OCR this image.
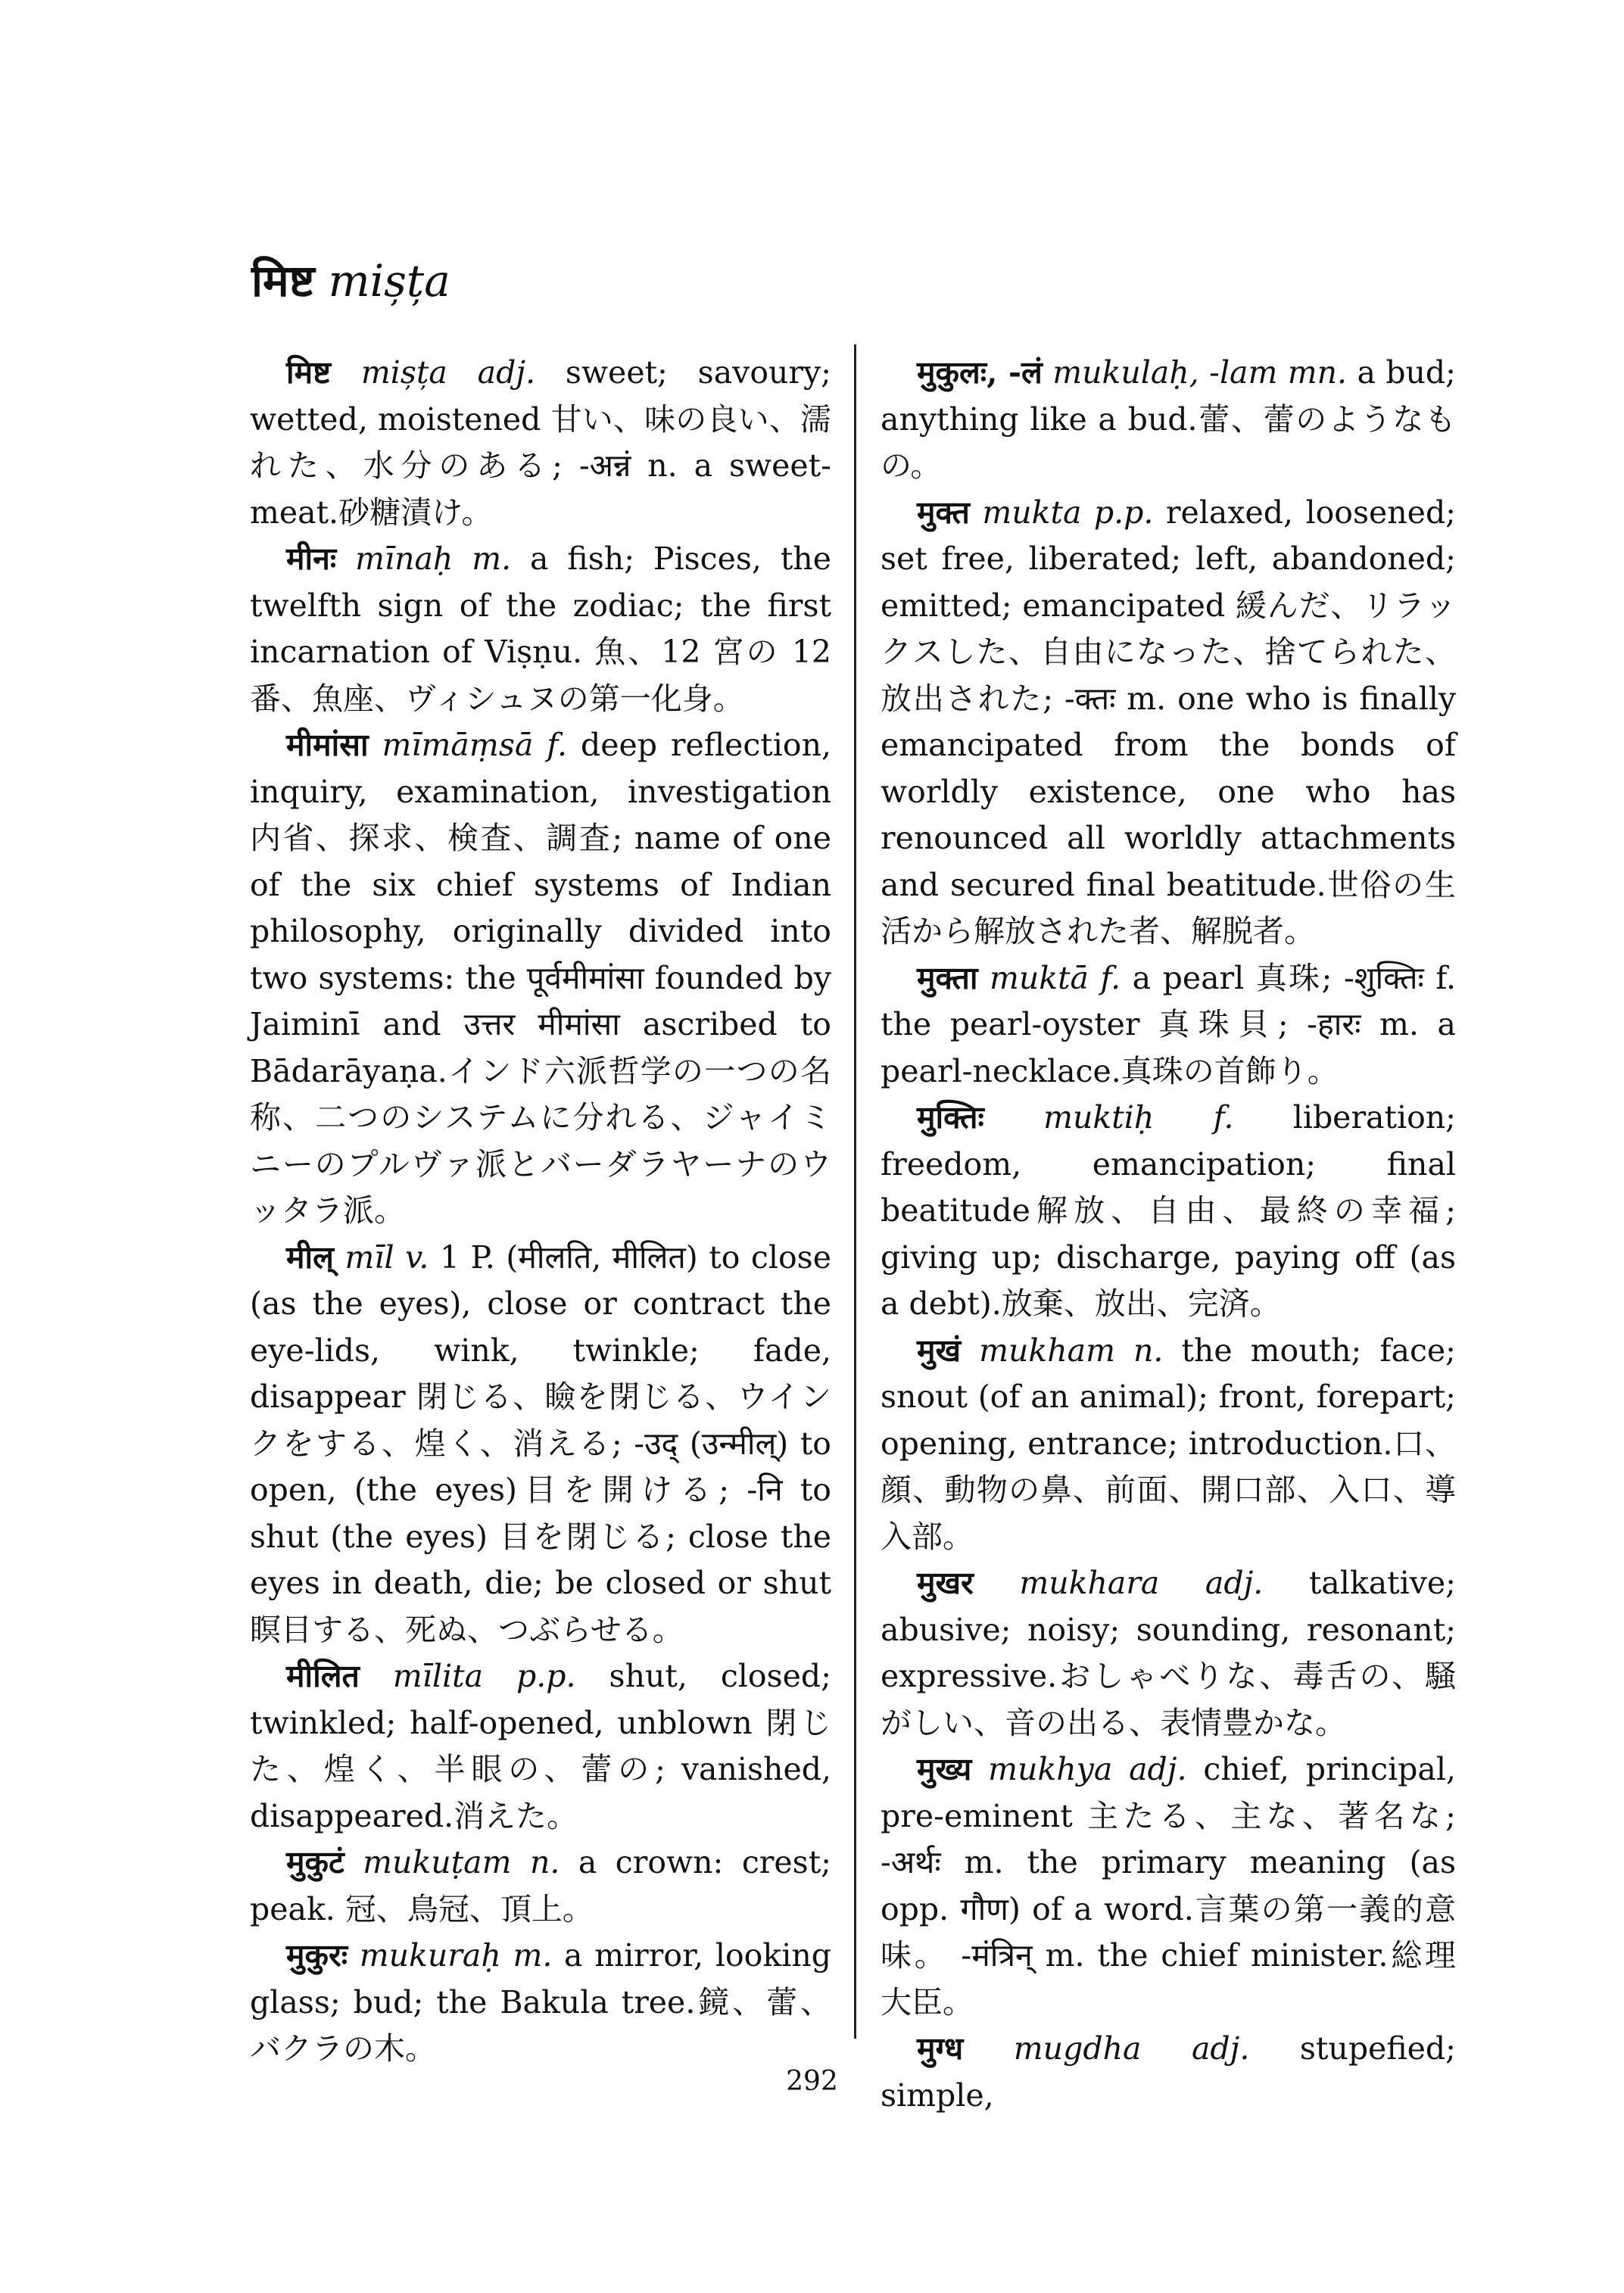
मिष्ट mișța

मिष्ट mișța adj. sweet; savoury; wetted, moistened 甘い、味の良い、濡れた、水分のある; -अन्नं n. a sweet-meat.砂糖漬け。

मीनः mīnaḥ m. a fish; Pisces, the twelfth sign of the zodiac; the first incarnation of Viṣṇu. 魚、12 宮の 12 番、魚座、ヴィシュヌの第一化身。

मीमांसा mīmāṃsā f. deep reflection, inquiry, examination, investigation 内省、探求、検査、調査; name of one of the six chief systems of Indian philosophy, originally divided into two systems: the पूर्वमीमांसा founded by Jaiminī and उत्तर मीमांसा ascribed to Bādarāyaṇa.インド六派哲学の一つの名称、二つのシステムに分れる、ジャイミニーのプルヴァ派とバーダラヤーナのウッタラ派。

मील् mīl v. 1 P. (मीलति, मीलित) to close (as the eyes), close or contract the eye-lids, wink, twinkle; fade, disappear 閉じる、瞼を閉じる、ウインクをする、煌く、消える; -उद् (उन्मील्) to open, (the eyes)目を開ける; -नि to shut (the eyes) 目を閉じる; close the eyes in death, die; be closed or shut 瞑目する、死ぬ、つぶらせる。

मीलित mīlita p.p. shut, closed; twinkled; half-opened, unblown 閉じた、煌く、半眼の、蕾の; vanished, disappeared.消えた。

मुकुटं mukuṭam n. a crown: crest; peak. 冠、鳥冠、頂上。

मुकुरः mukuraḥ m. a mirror, looking glass; bud; the Bakula tree.鏡、蕾、バクラの木。

मुकुलः, -लं mukulaḥ, -lam mn. a bud; anything like a bud.蕾、蕾のようなもの。

मुक्त mukta p.p. relaxed, loosened; set free, liberated; left, abandoned; emitted; emancipated 緩んだ、リラックスした、自由になった、捨てられた、放出された; -क्तः m. one who is finally emancipated from the bonds of worldly existence, one who has renounced all worldly attachments and secured final beatitude.世俗の生活から解放された者、解脱者。

मुक्ता muktā f. a pearl 真珠; -शुक्तिः f. the pearl-oyster 真珠貝; -हारः m. a pearl-necklace.真珠の首飾り。

मुक्तिः muktiḥ f. liberation; freedom, emancipation; final beatitude解放、自由、最終の幸福; giving up; discharge, paying off (as a debt).放棄、放出、完済。

मुखं mukham n. the mouth; face; snout (of an animal); front, forepart; opening, entrance; introduction.口、顔、動物の鼻、前面、開口部、入口、導入部。

मुखर mukhara adj. talkative; abusive; noisy; sounding, resonant; expressive.おしゃべりな、毒舌の、騒がしい、音の出る、表情豊かな。

मुख्य mukhya adj. chief, principal, pre-eminent 主たる、主な、著名な; -अर्थः m. the primary meaning (as opp. गौण) of a word.言葉の第一義的意味。 -मंत्रिन् m. the chief minister.総理大臣。

मुग्ध mugdha adj. stupefied; simple,

292
